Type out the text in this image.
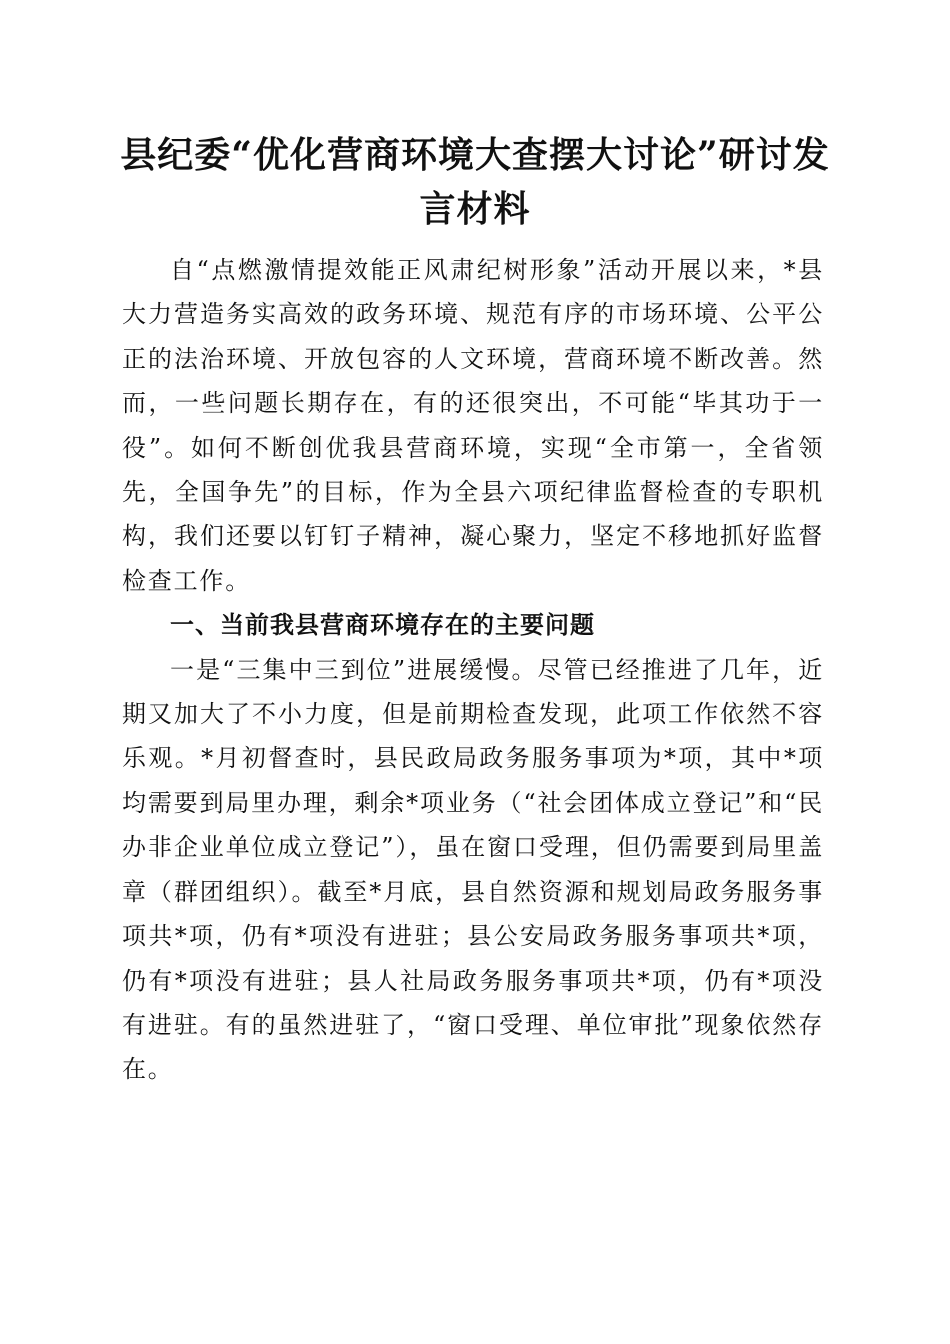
县纪委“优化营商环境大查摆大讨论”研讨发言材料

自“点燃激情提效能正风肃纪树形象”活动开展以来，*县大力营造务实高效的政务环境、规范有序的市场环境、公平公正的法治环境、开放包容的人文环境，营商环境不断改善。然而，一些问题长期存在，有的还很突出，不可能“毕其功于一役”。如何不断创优我县营商环境，实现“全市第一，全省领先，全国争先”的目标，作为全县六项纪律监督检查的专职机构，我们还要以钉钉子精神，凝心聚力，坚定不移地抓好监督检查工作。

一、当前我县营商环境存在的主要问题

一是“三集中三到位”进展缓慢。尽管已经推进了几年，近期又加大了不小力度，但是前期检查发现，此项工作依然不容乐观。*月初督查时，县民政局政务服务事项为*项，其中*项均需要到局里办理，剩余*项业务（“社会团体成立登记”和“民办非企业单位成立登记”），虽在窗口受理，但仍需要到局里盖章（群团组织）。截至*月底，县自然资源和规划局政务服务事项共*项，仍有*项没有进驻；县公安局政务服务事项共*项，仍有*项没有进驻；县人社局政务服务事项共*项，仍有*项没有进驻。有的虽然进驻了，“窗口受理、单位审批”现象依然存在。
